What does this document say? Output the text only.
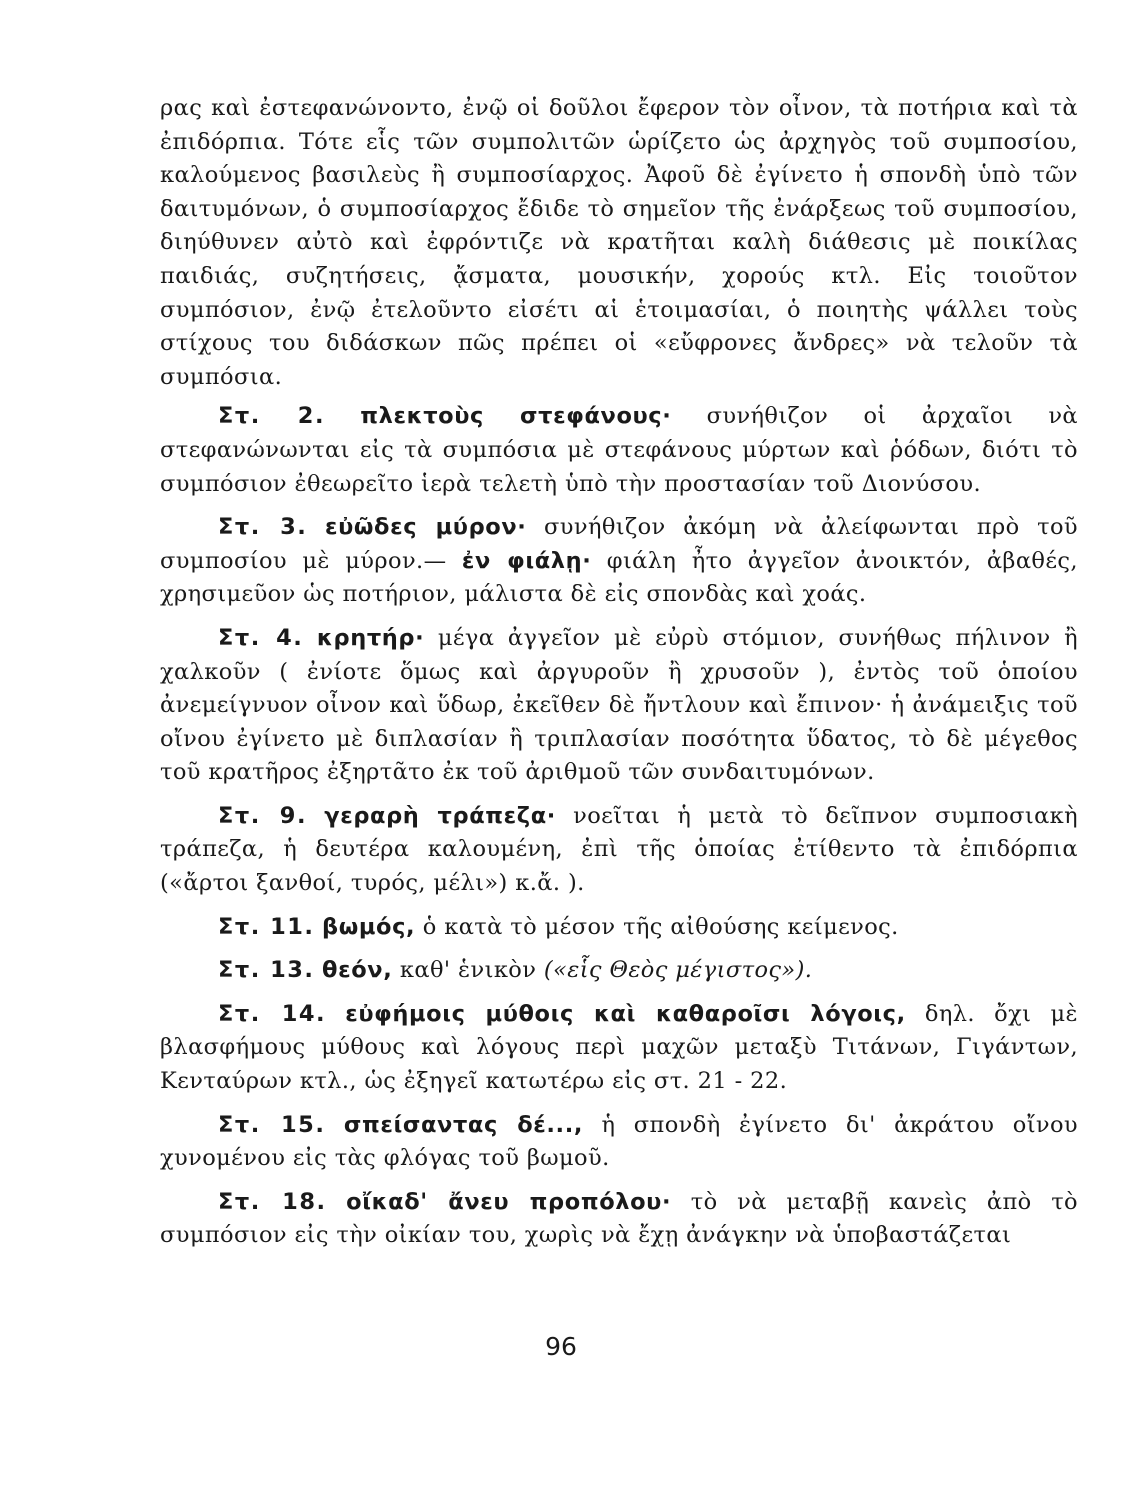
ρας καὶ ἐστεφανώνοντο, ἐνῷ οἱ δοῦλοι ἔφερον τὸν οἶνον, τὰ ποτήρια καὶ τὰ ἐπιδόρπια. Τότε εἷς τῶν συμπολιτῶν ὡρίζετο ὡς ἀρχηγὸς τοῦ συμποσίου, καλούμενος βασιλεὺς ἢ συμποσίαρχος. Ἀφοῦ δὲ ἐγίνετο ἡ σπονδὴ ὑπὸ τῶν δαιτυμόνων, ὁ συμποσίαρχος ἔδιδε τὸ σημεῖον τῆς ἐνάρξεως τοῦ συμποσίου, διηύθυνεν αὐτὸ καὶ ἐφρόντιζε νὰ κρατῆται καλὴ διάθεσις μὲ ποικίλας παιδιάς, συζητήσεις, ᾄσματα, μουσικήν, χορούς κτλ. Εἰς τοιοῦτον συμπόσιον, ἐνῷ ἐτελοῦντο εἰσέτι αἱ ἑτοιμασίαι, ὁ ποιητὴς ψάλλει τοὺς στίχους του διδάσκων πῶς πρέπει οἱ «εὔφρονες ἄνδρες» νὰ τελοῦν τὰ συμπόσια.

Στ. 2. πλεκτοὺς στεφάνους· συνήθιζον οἱ ἀρχαῖοι νὰ στεφανώνωνται εἰς τὰ συμπόσια μὲ στεφάνους μύρτων καὶ ῥόδων, διότι τὸ συμπόσιον ἐθεωρεῖτο ἱερὰ τελετὴ ὑπὸ τὴν προστασίαν τοῦ Διονύσου.

Στ. 3. εὐῶδες μύρον· συνήθιζον ἀκόμη νὰ ἀλείφωνται πρὸ τοῦ συμποσίου μὲ μύρον.— ἐν φιάλῃ· φιάλη ἦτο ἀγγεῖον ἀνοικτόν, ἀβαθές, χρησιμεῦον ὡς ποτήριον, μάλιστα δὲ εἰς σπονδὰς καὶ χοάς.

Στ. 4. κρητήρ· μέγα ἀγγεῖον μὲ εὐρὺ στόμιον, συνήθως πήλινον ἢ χαλκοῦν ( ἐνίοτε ὅμως καὶ ἀργυροῦν ἢ χρυσοῦν ), ἐντὸς τοῦ ὁποίου ἀνεμείγνυον οἶνον καὶ ὕδωρ, ἐκεῖθεν δὲ ἤντλουν καὶ ἔπινον· ἡ ἀνάμειξις τοῦ οἴνου ἐγίνετο μὲ διπλασίαν ἢ τριπλασίαν ποσότητα ὕδατος, τὸ δὲ μέγεθος τοῦ κρατῆρος ἐξηρτᾶτο ἐκ τοῦ ἀριθμοῦ τῶν συνδαιτυμόνων.

Στ. 9. γεραρὴ τράπεζα· νοεῖται ἡ μετὰ τὸ δεῖπνον συμποσιακὴ τράπεζα, ἡ δευτέρα καλουμένη, ἐπὶ τῆς ὁποίας ἐτίθεντο τὰ ἐπιδόρπια («ἄρτοι ξανθοί, τυρός, μέλι») κ.ἄ. ).

Στ. 11. βωμός, ὁ κατὰ τὸ μέσον τῆς αἰθούσης κείμενος.

Στ. 13. θεόν, καθ' ἑνικὸν («εἷς Θεὸς μέγιστος»).

Στ. 14. εὐφήμοις μύθοις καὶ καθαροῖσι λόγοις, δηλ. ὄχι μὲ βλασφήμους μύθους καὶ λόγους περὶ μαχῶν μεταξὺ Τιτάνων, Γιγάντων, Κενταύρων κτλ., ὡς ἐξηγεῖ κατωτέρω εἰς στ. 21 - 22.

Στ. 15. σπείσαντας δέ..., ἡ σπονδὴ ἐγίνετο δι' ἀκράτου οἴνου χυνομένου εἰς τὰς φλόγας τοῦ βωμοῦ.

Στ. 18. οἴκαδ' ἄνευ προπόλου· τὸ νὰ μεταβῇ κανεὶς ἀπὸ τὸ συμπόσιον εἰς τὴν οἰκίαν του, χωρὶς νὰ ἔχῃ ἀνάγκην νὰ ὑποβαστάζεται

96
